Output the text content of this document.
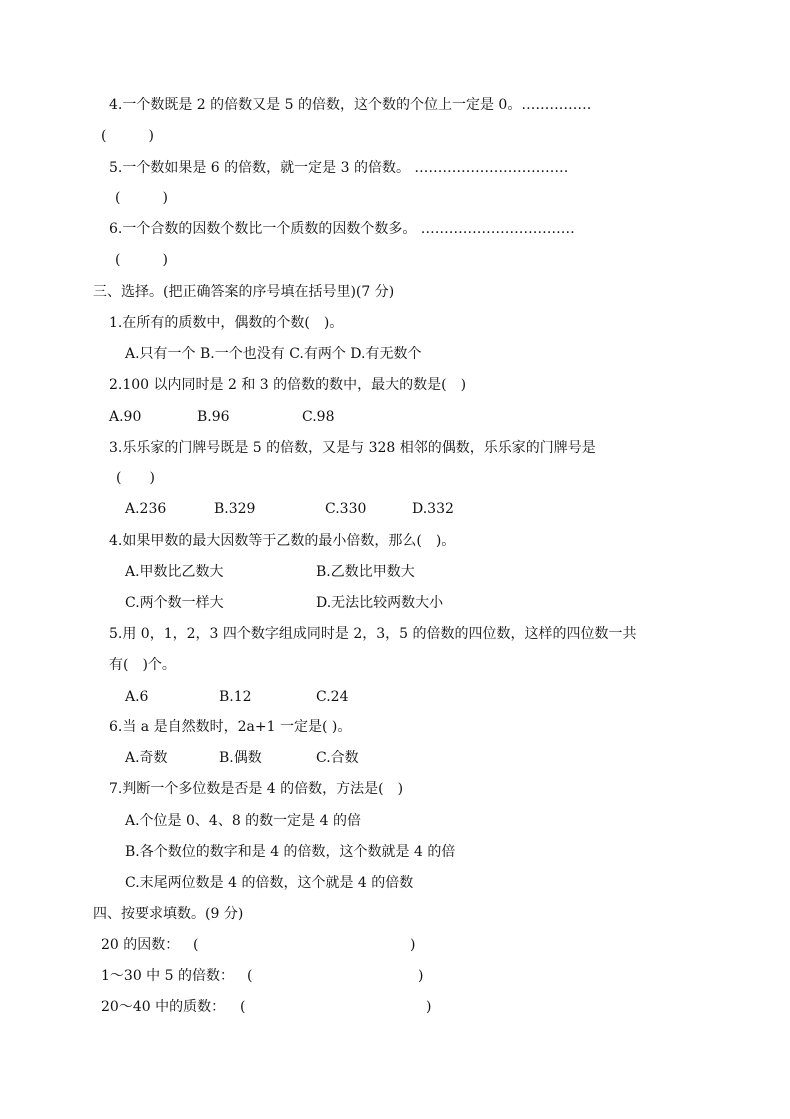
4.一个数既是 2 的倍数又是 5 的倍数，这个数的个位上一定是 0。……………
(　　　)
5.一个数如果是 6 的倍数，就一定是 3 的倍数。 ……………………………
(　　　)
6.一个合数的因数个数比一个质数的因数个数多。 ……………………………
(　　　)
三、选择。(把正确答案的序号填在括号里)(7 分)
1.在所有的质数中，偶数的个数(　)。
A.只有一个 B.一个也没有 C.有两个 D.有无数个
2.100 以内同时是 2 和 3 的倍数的数中，最大的数是(　)
A.90	B.96	C.98
3.乐乐家的门牌号既是 5 的倍数，又是与 328 相邻的偶数，乐乐家的门牌号是
(　　)
A.236	B.329	C.330	D.332
4.如果甲数的最大因数等于乙数的最小倍数，那么(　)。
A.甲数比乙数大	B.乙数比甲数大
C.两个数一样大	D.无法比较两数大小
5.用 0，1，2，3 四个数字组成同时是 2，3，5 的倍数的四位数，这样的四位数一共
有(　)个。
A.6	B.12	C.24
6.当 a 是自然数时，2a+1 一定是( )。
A.奇数	B.偶数	C.合数
7.判断一个多位数是否是 4 的倍数，方法是(　)
A.个位是 0、4、8 的数一定是 4 的倍
B.各个数位的数字和是 4 的倍数，这个数就是 4 的倍
C.末尾两位数是 4 的倍数，这个就是 4 的倍数
四、按要求填数。(9 分)
20 的因数： (	)
1～30 中 5 的倍数： (	)
20～40 中的质数： (	)
